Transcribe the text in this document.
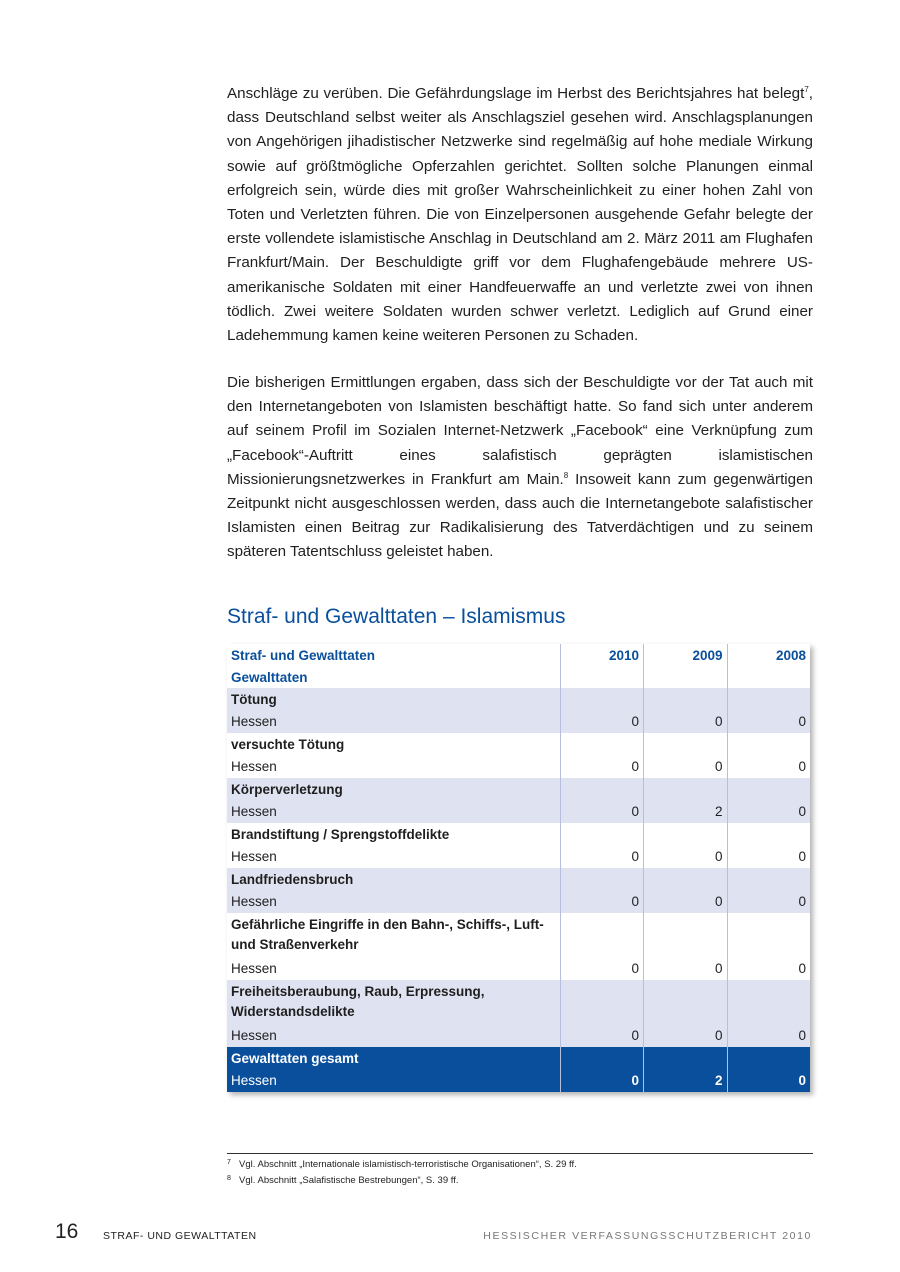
Anschläge zu verüben. Die Gefährdungslage im Herbst des Berichtsjahres hat belegt$^7$, dass Deutschland selbst weiter als Anschlagsziel gesehen wird. Anschlagsplanungen von Angehörigen jihadistischer Netzwerke sind regelmäßig auf hohe mediale Wirkung sowie auf größtmögliche Opferzahlen gerichtet. Sollten solche Planungen einmal erfolgreich sein, würde dies mit großer Wahrscheinlichkeit zu einer hohen Zahl von Toten und Verletzten führen. Die von Einzelpersonen ausgehende Gefahr belegte der erste vollendete islamistische Anschlag in Deutschland am 2. März 2011 am Flughafen Frankfurt/Main. Der Beschuldigte griff vor dem Flughafengebäude mehrere US-amerikanische Soldaten mit einer Handfeuerwaffe an und verletzte zwei von ihnen tödlich. Zwei weitere Soldaten wurden schwer verletzt. Lediglich auf Grund einer Ladehemmung kamen keine weiteren Personen zu Schaden.

Die bisherigen Ermittlungen ergaben, dass sich der Beschuldigte vor der Tat auch mit den Internetangeboten von Islamisten beschäftigt hatte. So fand sich unter anderem auf seinem Profil im Sozialen Internet-Netzwerk „Facebook“ eine Verknüpfung zum „Facebook“-Auftritt eines salafistisch geprägten islamistischen Missionierungsnetzwerkes in Frankfurt am Main.$^8$ Insoweit kann zum gegenwärtigen Zeitpunkt nicht ausgeschlossen werden, dass auch die Internetangebote salafistischer Islamisten einen Beitrag zur Radikalisierung des Tatverdächtigen und zu seinem späteren Tatentschluss geleistet haben.

Straf- und Gewalttaten – Islamismus
Straf- und Gewalttaten	2010	2009	2008
Gewalttaten			
Tötung			
Hessen	0	0	0
versuchte Tötung			
Hessen	0	0	0
Körperverletzung			
Hessen	0	2	0
Brandstiftung / Sprengstoffdelikte			
Hessen	0	0	0
Landfriedensbruch			
Hessen	0	0	0
Gefährliche Eingriffe in den Bahn-, Schiffs-, Luft- und Straßenverkehr			
Hessen	0	0	0
Freiheitsberaubung, Raub, Erpressung, Widerstandsdelikte			
Hessen	0	0	0
Gewalttaten gesamt			
Hessen	0	2	0
7 Vgl. Abschnitt „Internationale islamistisch-terroristische Organisationen“, S. 29 ff.
8 Vgl. Abschnitt „Salafistische Bestrebungen“, S. 39 ff.
16 STRAF- UND GEWALTTATEN	HESSISCHER VERFASSUNGSSCHUTZBERICHT 2010
